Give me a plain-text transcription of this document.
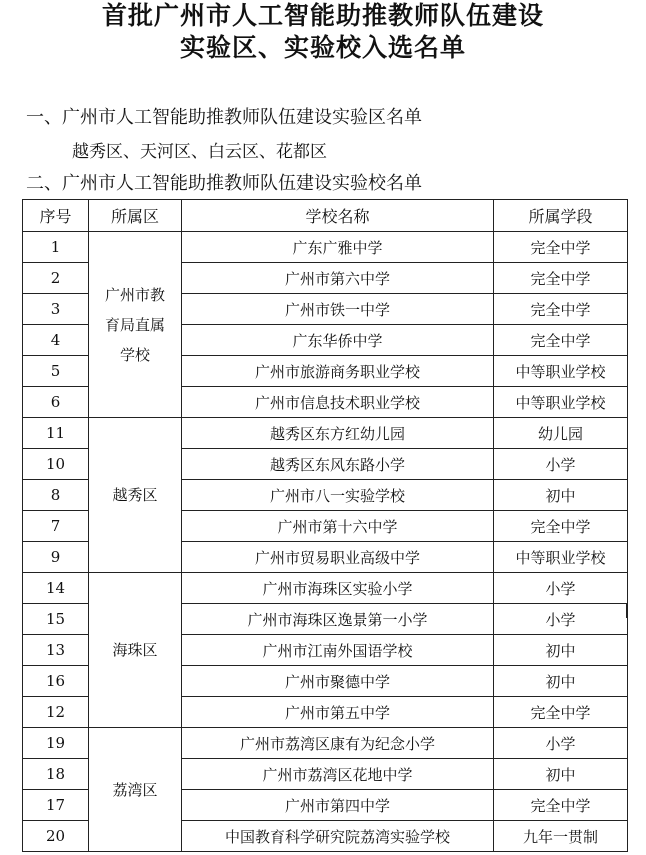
首批广州市人工智能助推教师队伍建设
实验区、实验校入选名单
一、广州市人工智能助推教师队伍建设实验区名单
越秀区、天河区、白云区、花都区
二、广州市人工智能助推教师队伍建设实验校名单
序号	所属区	学校名称	所属学段
1	广州市教育局直属学校	广东广雅中学	完全中学
2		广州市第六中学	完全中学
3		广州市铁一中学	完全中学
4		广东华侨中学	完全中学
5		广州市旅游商务职业学校	中等职业学校
6		广州市信息技术职业学校	中等职业学校
11	越秀区	越秀区东方红幼儿园	幼儿园
10		越秀区东风东路小学	小学
8		广州市八一实验学校	初中
7		广州市第十六中学	完全中学
9		广州市贸易职业高级中学	中等职业学校
14	海珠区	广州市海珠区实验小学	小学
15		广州市海珠区逸景第一小学	小学
13		广州市江南外国语学校	初中
16		广州市聚德中学	初中
12		广州市第五中学	完全中学
19	荔湾区	广州市荔湾区康有为纪念小学	小学
18		广州市荔湾区花地中学	初中
17		广州市第四中学	完全中学
20		中国教育科学研究院荔湾实验学校	九年一贯制
